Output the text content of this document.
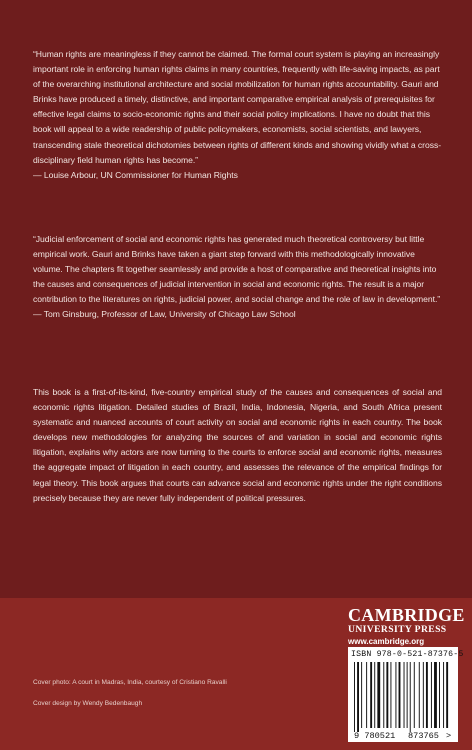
“Human rights are meaningless if they cannot be claimed. The formal court system is playing an increasingly important role in enforcing human rights claims in many countries, frequently with life-saving impacts, as part of the overarching institutional architecture and social mobilization for human rights accountability. Gauri and Brinks have produced a timely, distinctive, and important comparative empirical analysis of prerequisites for effective legal claims to socio-economic rights and their social policy implications. I have no doubt that this book will appeal to a wide readership of public policymakers, economists, social scientists, and lawyers, transcending stale theoretical dichotomies between rights of different kinds and showing vividly what a cross-disciplinary field human rights has become.”
— Louise Arbour, UN Commissioner for Human Rights
“Judicial enforcement of social and economic rights has generated much theoretical controversy but little empirical work. Gauri and Brinks have taken a giant step forward with this methodologically innovative volume. The chapters fit together seamlessly and provide a host of comparative and theoretical insights into the causes and consequences of judicial intervention in social and economic rights. The result is a major contribution to the literatures on rights, judicial power, and social change and the role of law in development.”
— Tom Ginsburg, Professor of Law, University of Chicago Law School
This book is a first-of-its-kind, five-country empirical study of the causes and consequences of social and economic rights litigation. Detailed studies of Brazil, India, Indonesia, Nigeria, and South Africa present systematic and nuanced accounts of court activity on social and economic rights in each country. The book develops new methodologies for analyzing the sources of and variation in social and economic rights litigation, explains why actors are now turning to the courts to enforce social and economic rights, measures the aggregate impact of litigation in each country, and assesses the relevance of the empirical findings for legal theory. This book argues that courts can advance social and economic rights under the right conditions precisely because they are never fully independent of political pressures.
CAMBRIDGE
UNIVERSITY PRESS
www.cambridge.org
ISBN 978-0-521-87376-5
9 780521 873765 >
Cover photo: A court in Madras, India, courtesy of Cristiano Ravalli
Cover design by Wendy Bedenbaugh
